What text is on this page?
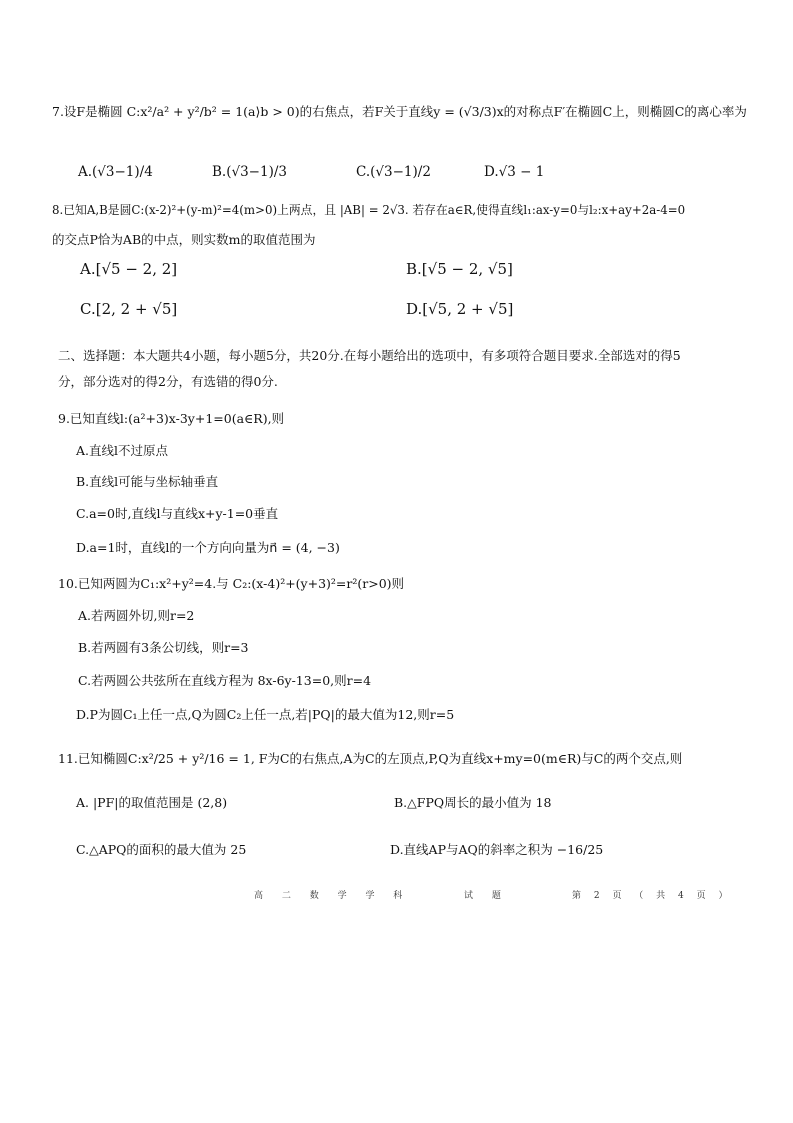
7.设F是椭圆 C:x²/a² + y²/b² = 1(a⟩b > 0)的右焦点，若F关于直线y = (√3/3)x的对称点F′在椭圆C上，则椭圆C的离心率为
A.(√3−1)/4	B.(√3−1)/3	C.(√3−1)/2	D.√3 − 1
8.已知A,B是圆C:(x-2)²+(y-m)²=4(m>0)上两点，且 |AB| = 2√3. 若存在a∈R,使得直线l₁:ax-y=0与l₂:x+ay+2a-4=0
的交点P恰为AB的中点，则实数m的取值范围为
A.[√5 − 2, 2]	B.[√5 − 2, √5]
C.[2, 2 + √5]	D.[√5, 2 + √5]
二、选择题：本大题共4小题，每小题5分，共20分.在每小题给出的选项中，有多项符合题目要求.全部选对的得5
分，部分选对的得2分，有选错的得0分.
9.已知直线l:(a²+3)x-3y+1=0(a∈R),则
A.直线l不过原点
B.直线l可能与坐标轴垂直
C.a=0时,直线l与直线x+y-1=0垂直
D.a=1时，直线l的一个方向向量为n⃗ = (4, −3)
10.已知两圆为C₁:x²+y²=4.与 C₂:(x-4)²+(y+3)²=r²(r>0)则
A.若两圆外切,则r=2
B.若两圆有3条公切线，则r=3
C.若两圆公共弦所在直线方程为 8x-6y-13=0,则r=4
D.P为圆C₁上任一点,Q为圆C₂上任一点,若|PQ|的最大值为12,则r=5
11.已知椭圆C:x²/25 + y²/16 = 1, F为C的右焦点,A为C的左顶点,P,Q为直线x+my=0(m∈R)与C的两个交点,则
A. |PF|的取值范围是 (2,8)	B.△FPQ周长的最小值为 18
C.△APQ的面积的最大值为 25	D.直线AP与AQ的斜率之积为 −16/25
高 二 数 学 学 科	试 题	第 2 页 （ 共 4 页 ）
